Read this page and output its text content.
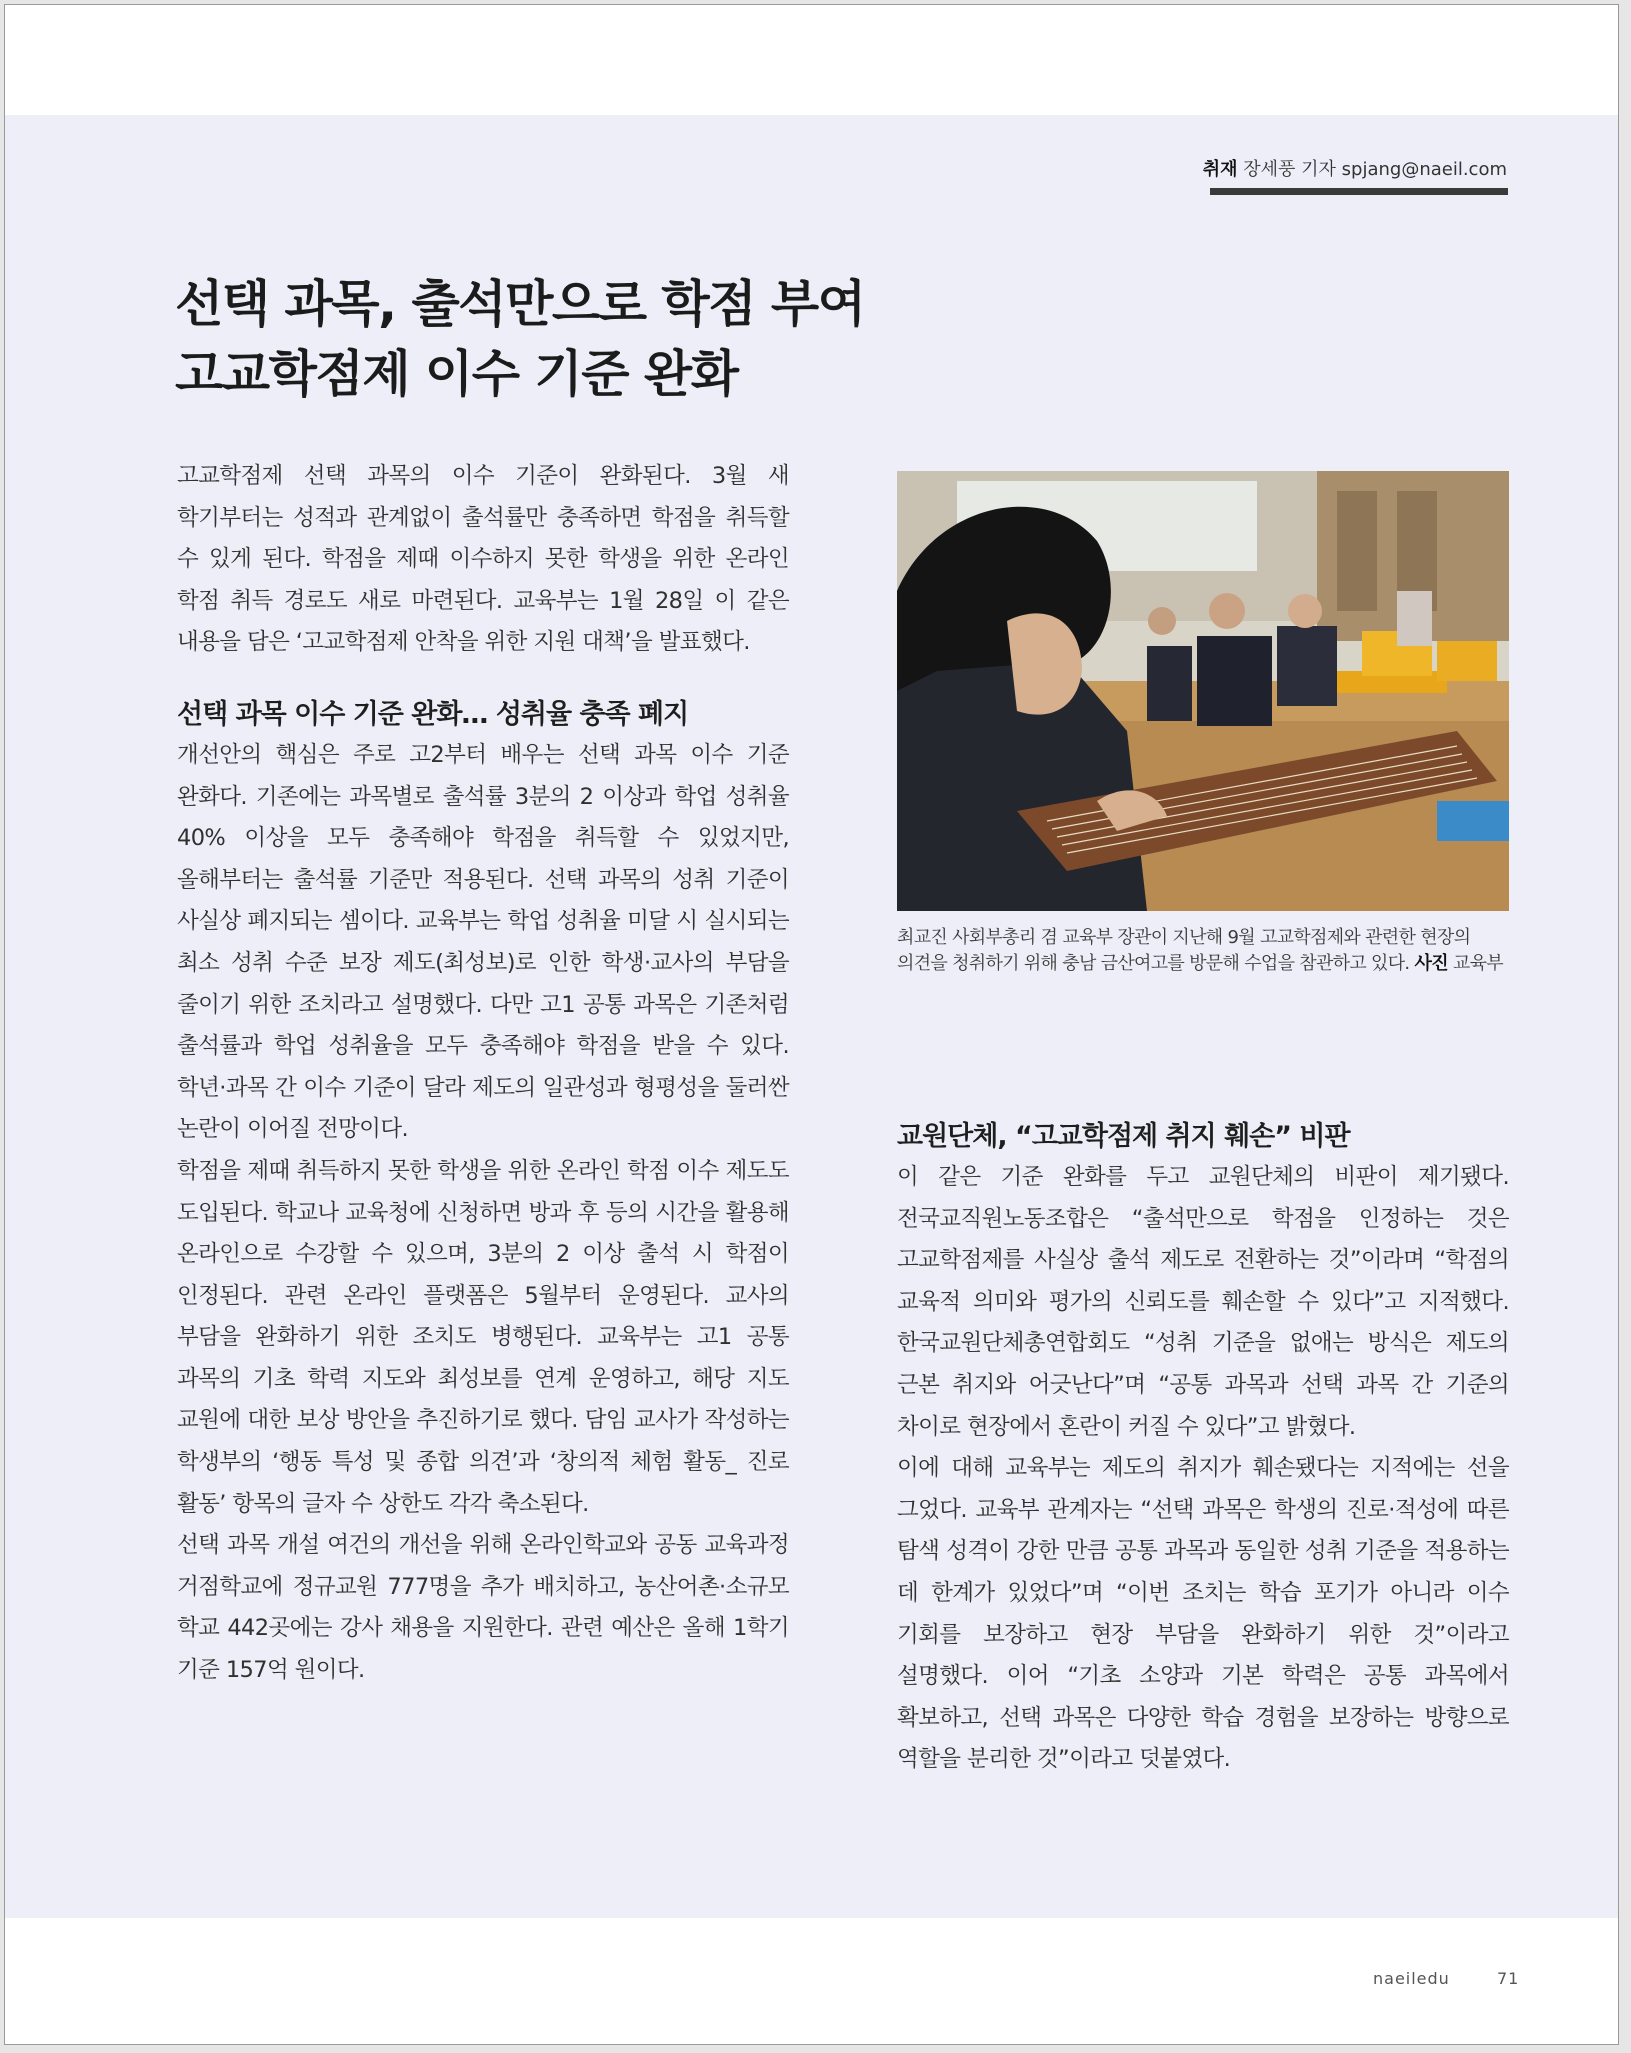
취재 장세풍 기자 spjang@naeil.com
선택 과목, 출석만으로 학점 부여
고교학점제 이수 기준 완화

고교학점제 선택 과목의 이수 기준이 완화된다. 3월 새 학기부터는 성적과 관계없이 출석률만 충족하면 학점을 취득할 수 있게 된다. 학점을 제때 이수하지 못한 학생을 위한 온라인 학점 취득 경로도 새로 마련된다. 교육부는 1월 28일 이 같은 내용을 담은 ‘고교학점제 안착을 위한 지원 대책’을 발표했다.

선택 과목 이수 기준 완화… 성취율 충족 폐지

개선안의 핵심은 주로 고2부터 배우는 선택 과목 이수 기준 완화다. 기존에는 과목별로 출석률 3분의 2 이상과 학업 성취율 40% 이상을 모두 충족해야 학점을 취득할 수 있었지만, 올해부터는 출석률 기준만 적용된다. 선택 과목의 성취 기준이 사실상 폐지되는 셈이다. 교육부는 학업 성취율 미달 시 실시되는 최소 성취 수준 보장 제도(최성보)로 인한 학생·교사의 부담을 줄이기 위한 조치라고 설명했다. 다만 고1 공통 과목은 기존처럼 출석률과 학업 성취율을 모두 충족해야 학점을 받을 수 있다. 학년·과목 간 이수 기준이 달라 제도의 일관성과 형평성을 둘러싼 논란이 이어질 전망이다.

학점을 제때 취득하지 못한 학생을 위한 온라인 학점 이수 제도도 도입된다. 학교나 교육청에 신청하면 방과 후 등의 시간을 활용해 온라인으로 수강할 수 있으며, 3분의 2 이상 출석 시 학점이 인정된다. 관련 온라인 플랫폼은 5월부터 운영된다. 교사의 부담을 완화하기 위한 조치도 병행된다. 교육부는 고1 공통 과목의 기초 학력 지도와 최성보를 연계 운영하고, 해당 지도 교원에 대한 보상 방안을 추진하기로 했다. 담임 교사가 작성하는 학생부의 ‘행동 특성 및 종합 의견’과 ‘창의적 체험 활동_ 진로 활동’ 항목의 글자 수 상한도 각각 축소된다.

선택 과목 개설 여건의 개선을 위해 온라인학교와 공동 교육과정 거점학교에 정규교원 777명을 추가 배치하고, 농산어촌·소규모 학교 442곳에는 강사 채용을 지원한다. 관련 예산은 올해 1학기 기준 157억 원이다.

최교진 사회부총리 겸 교육부 장관이 지난해 9월 고교학점제와 관련한 현장의 의견을 청취하기 위해 충남 금산여고를 방문해 수업을 참관하고 있다. 사진 교육부
교원단체, “고교학점제 취지 훼손” 비판

이 같은 기준 완화를 두고 교원단체의 비판이 제기됐다. 전국교직원노동조합은 “출석만으로 학점을 인정하는 것은 고교학점제를 사실상 출석 제도로 전환하는 것”이라며 “학점의 교육적 의미와 평가의 신뢰도를 훼손할 수 있다”고 지적했다. 한국교원단체총연합회도 “성취 기준을 없애는 방식은 제도의 근본 취지와 어긋난다”며 “공통 과목과 선택 과목 간 기준의 차이로 현장에서 혼란이 커질 수 있다”고 밝혔다.

이에 대해 교육부는 제도의 취지가 훼손됐다는 지적에는 선을 그었다. 교육부 관계자는 “선택 과목은 학생의 진로·적성에 따른 탐색 성격이 강한 만큼 공통 과목과 동일한 성취 기준을 적용하는 데 한계가 있었다”며 “이번 조치는 학습 포기가 아니라 이수 기회를 보장하고 현장 부담을 완화하기 위한 것”이라고 설명했다. 이어 “기초 소양과 기본 학력은 공통 과목에서 확보하고, 선택 과목은 다양한 학습 경험을 보장하는 방향으로 역할을 분리한 것”이라고 덧붙였다.

naeiledu	71
